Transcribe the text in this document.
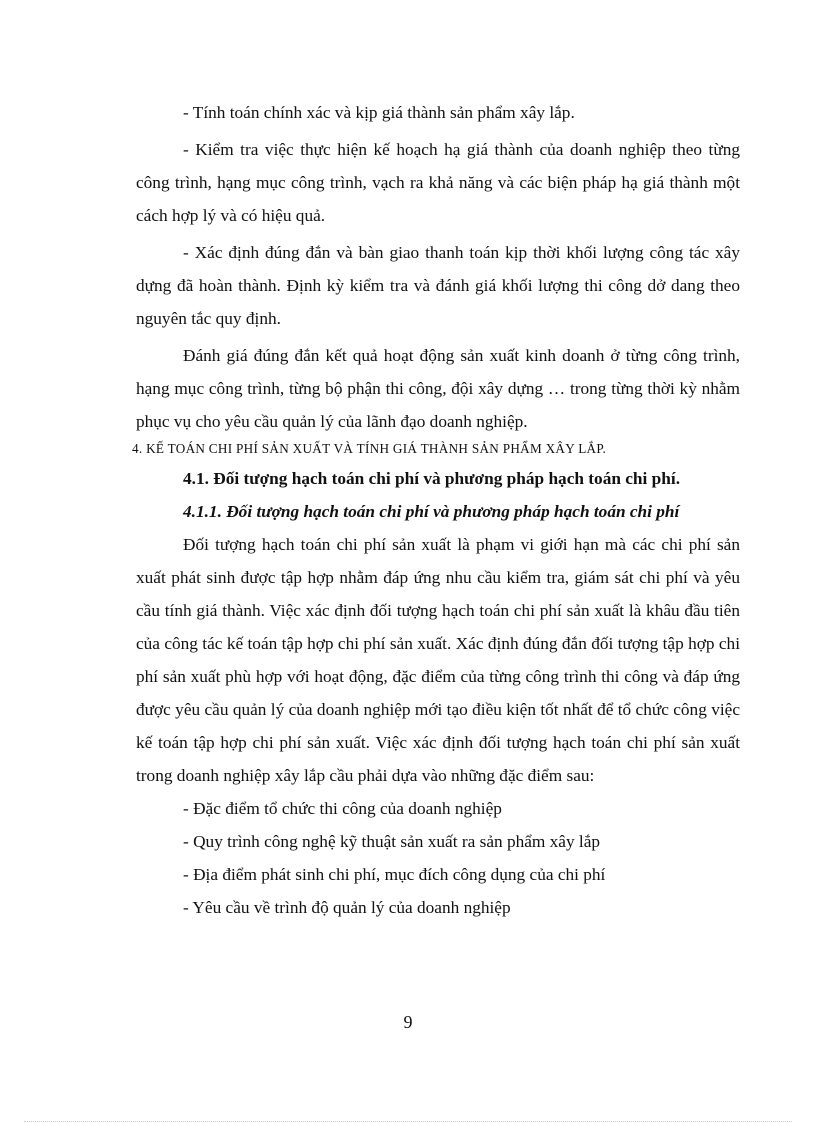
- Tính toán chính xác và kịp giá thành sản phẩm xây lắp.

- Kiểm tra việc thực hiện kế hoạch hạ giá thành của doanh nghiệp theo từng công trình, hạng mục công trình, vạch ra khả năng và các biện pháp hạ giá thành một cách hợp lý và có hiệu quả.

- Xác định đúng đắn và bàn giao thanh toán kịp thời khối lượng công tác xây dựng đã hoàn thành. Định kỳ kiểm tra và đánh giá khối lượng thi công dở dang theo nguyên tắc quy định.

Đánh giá đúng đắn kết quả hoạt động sản xuất kinh doanh ở từng công trình, hạng mục công trình, từng bộ phận thi công, đội xây dựng … trong từng thời kỳ nhằm phục vụ cho yêu cầu quản lý của lãnh đạo doanh nghiệp.

4. KẾ TOÁN CHI PHÍ SẢN XUẤT VÀ TÍNH GIÁ THÀNH SẢN PHẨM XÂY LẮP.

4.1. Đối tượng hạch toán chi phí và phương pháp hạch toán chi phí.

4.1.1. Đối tượng hạch toán chi phí và phương pháp hạch toán chi phí

Đối tượng hạch toán chi phí sản xuất là phạm vi giới hạn mà các chi phí sản xuất phát sinh được tập hợp nhằm đáp ứng nhu cầu kiểm tra, giám sát chi phí và yêu cầu tính giá thành. Việc xác định đối tượng hạch toán chi phí sản xuất là khâu đầu tiên của công tác kế toán tập hợp chi phí sản xuất. Xác định đúng đắn đối tượng tập hợp chi phí sản xuất phù hợp với hoạt động, đặc điểm của từng công trình thi công và đáp ứng được yêu cầu quản lý của doanh nghiệp mới tạo điều kiện tốt nhất để tổ chức công việc kế toán tập hợp chi phí sản xuất. Việc xác định đối tượng hạch toán chi phí sản xuất trong doanh nghiệp xây lắp cầu phải dựa vào những đặc điểm sau:

- Đặc điểm tổ chức thi công của doanh nghiệp

- Quy trình công nghệ kỹ thuật sản xuất ra sản phẩm xây lắp

- Địa điểm phát sinh chi phí, mục đích công dụng của chi phí

- Yêu cầu về trình độ quản lý của doanh nghiệp

9
